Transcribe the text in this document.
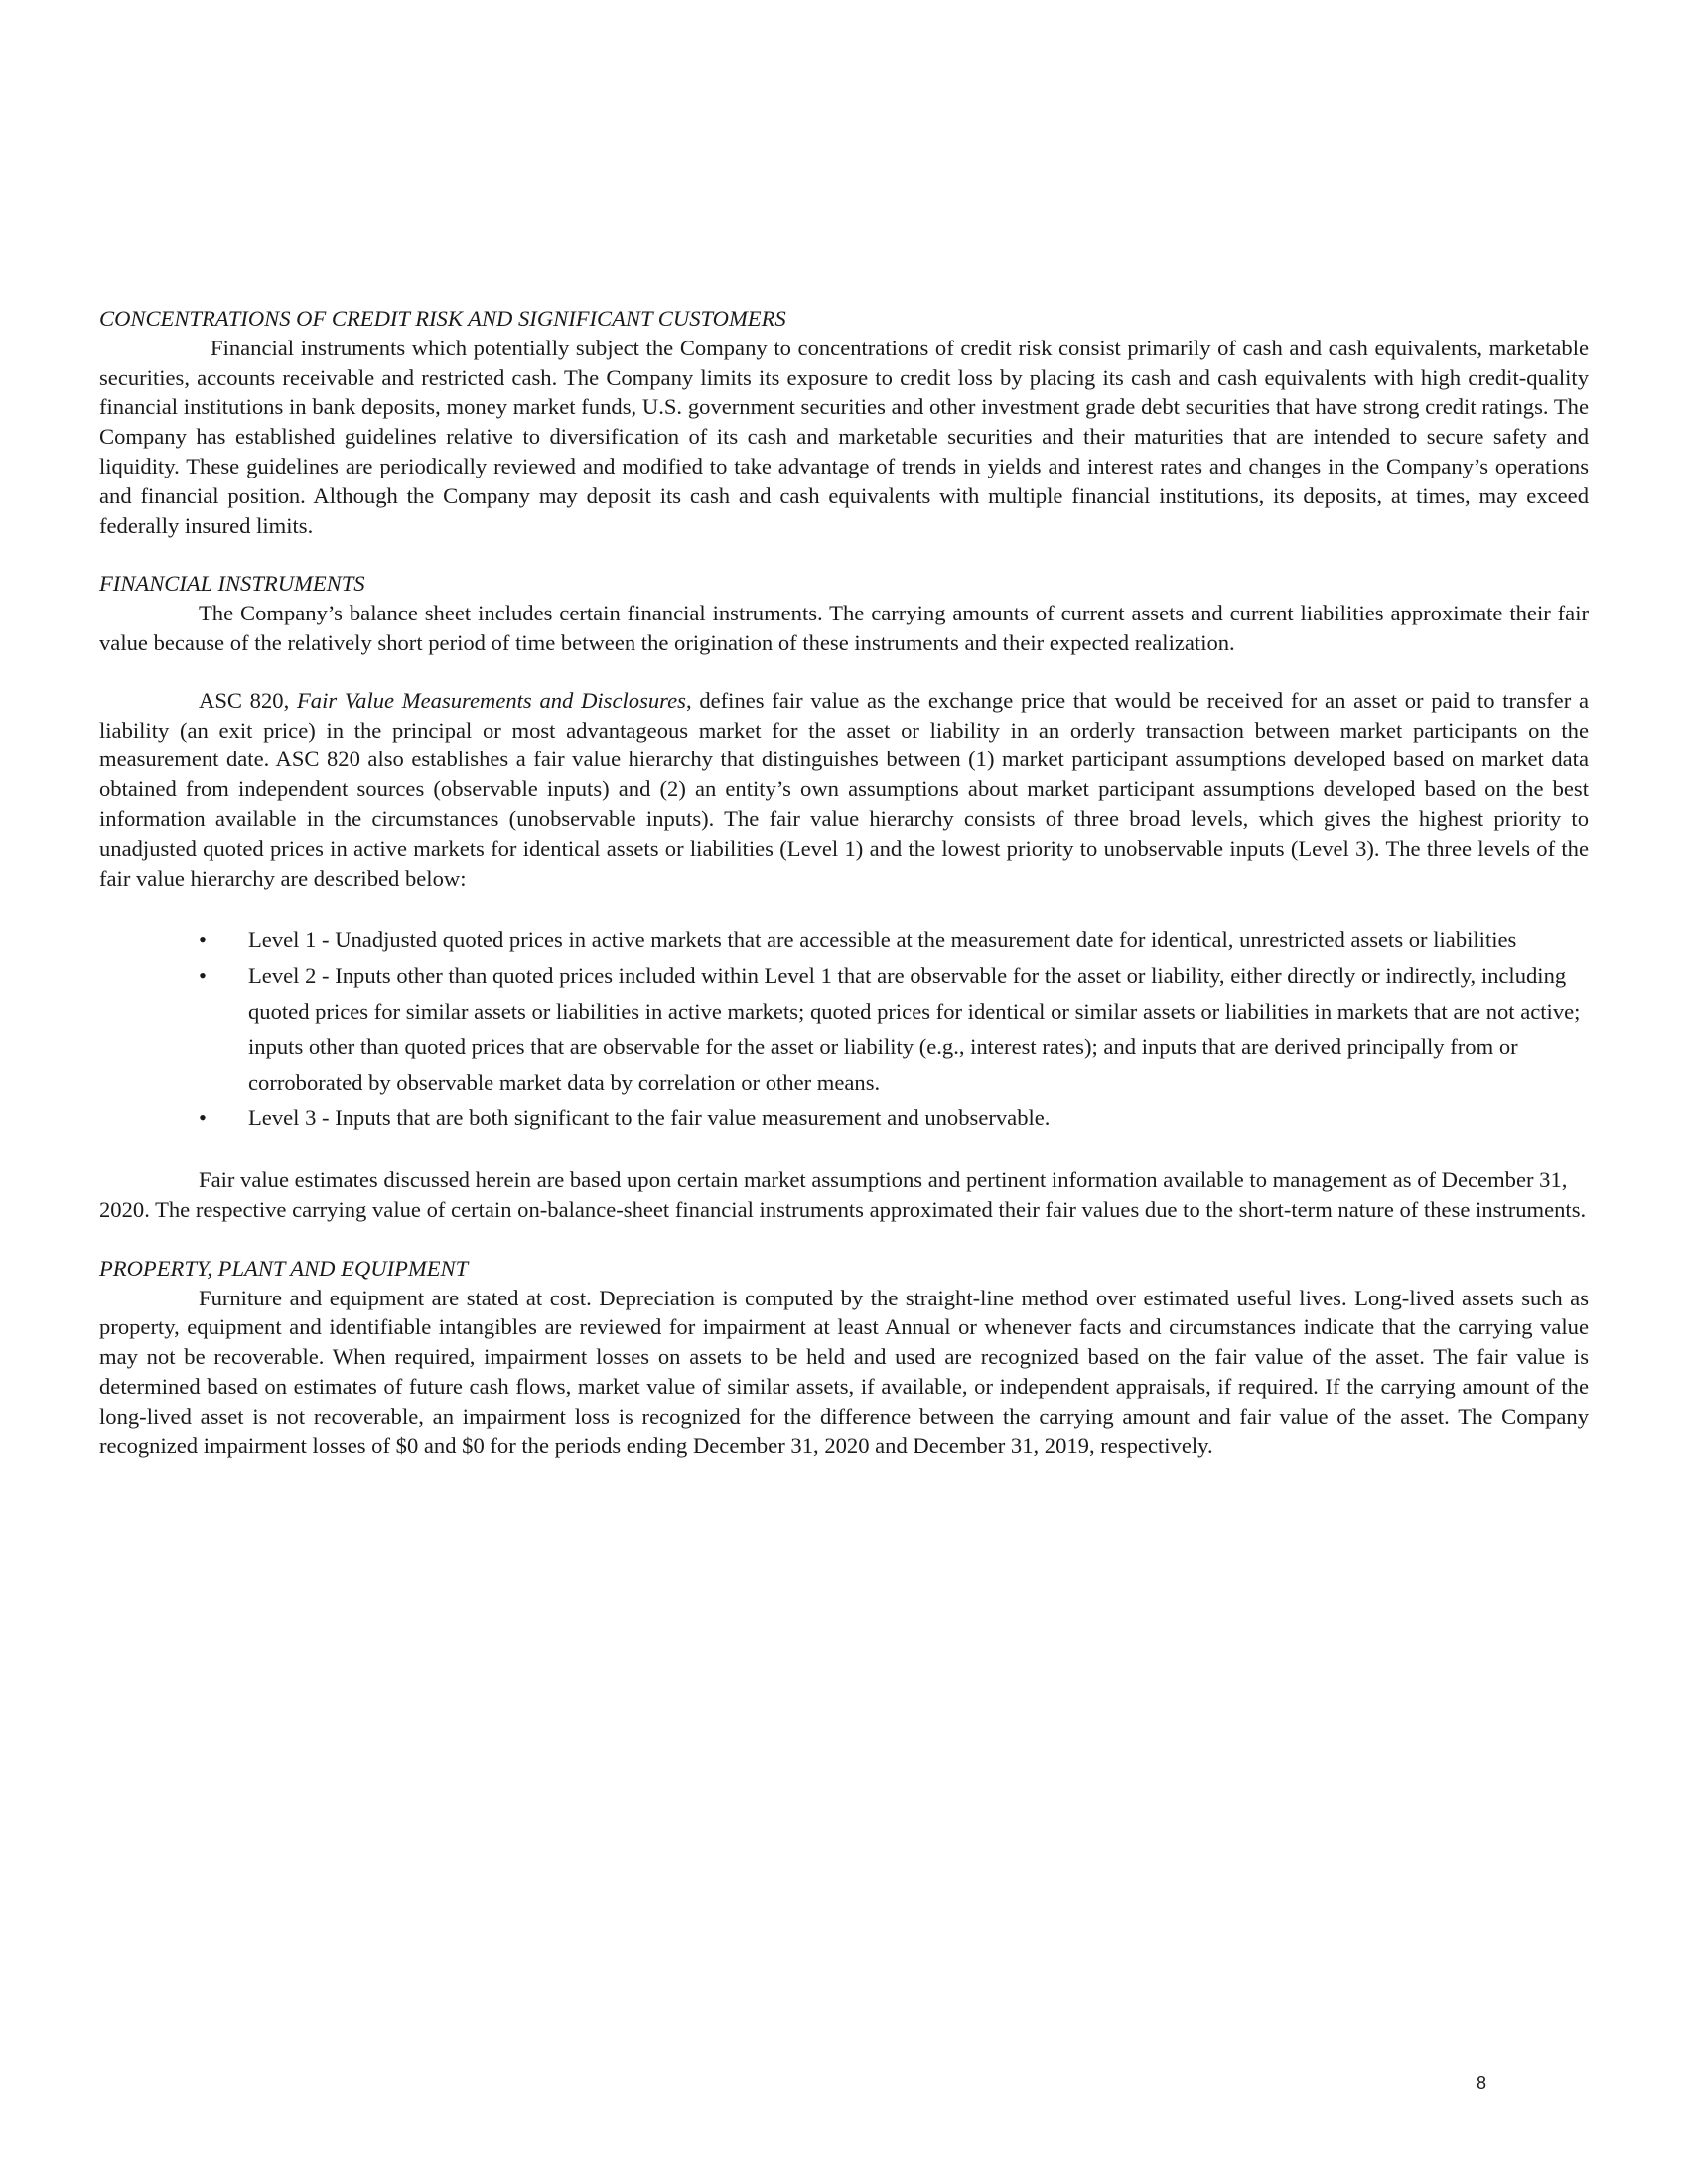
CONCENTRATIONS OF CREDIT RISK AND SIGNIFICANT CUSTOMERS

Financial instruments which potentially subject the Company to concentrations of credit risk consist primarily of cash and cash equivalents, marketable securities, accounts receivable and restricted cash. The Company limits its exposure to credit loss by placing its cash and cash equivalents with high credit-quality financial institutions in bank deposits, money market funds, U.S. government securities and other investment grade debt securities that have strong credit ratings. The Company has established guidelines relative to diversification of its cash and marketable securities and their maturities that are intended to secure safety and liquidity. These guidelines are periodically reviewed and modified to take advantage of trends in yields and interest rates and changes in the Company’s operations and financial position. Although the Company may deposit its cash and cash equivalents with multiple financial institutions, its deposits, at times, may exceed federally insured limits.

FINANCIAL INSTRUMENTS

The Company’s balance sheet includes certain financial instruments. The carrying amounts of current assets and current liabilities approximate their fair value because of the relatively short period of time between the origination of these instruments and their expected realization.

ASC 820, Fair Value Measurements and Disclosures, defines fair value as the exchange price that would be received for an asset or paid to transfer a liability (an exit price) in the principal or most advantageous market for the asset or liability in an orderly transaction between market participants on the measurement date. ASC 820 also establishes a fair value hierarchy that distinguishes between (1) market participant assumptions developed based on market data obtained from independent sources (observable inputs) and (2) an entity’s own assumptions about market participant assumptions developed based on the best information available in the circumstances (unobservable inputs). The fair value hierarchy consists of three broad levels, which gives the highest priority to unadjusted quoted prices in active markets for identical assets or liabilities (Level 1) and the lowest priority to unobservable inputs (Level 3). The three levels of the fair value hierarchy are described below:

• Level 1 - Unadjusted quoted prices in active markets that are accessible at the measurement date for identical, unrestricted assets or liabilities
• Level 2 - Inputs other than quoted prices included within Level 1 that are observable for the asset or liability, either directly or indirectly, including quoted prices for similar assets or liabilities in active markets; quoted prices for identical or similar assets or liabilities in markets that are not active; inputs other than quoted prices that are observable for the asset or liability (e.g., interest rates); and inputs that are derived principally from or corroborated by observable market data by correlation or other means.
• Level 3 - Inputs that are both significant to the fair value measurement and unobservable.

Fair value estimates discussed herein are based upon certain market assumptions and pertinent information available to management as of December 31, 2020. The respective carrying value of certain on-balance-sheet financial instruments approximated their fair values due to the short-term nature of these instruments.

PROPERTY, PLANT AND EQUIPMENT

Furniture and equipment are stated at cost. Depreciation is computed by the straight-line method over estimated useful lives. Long-lived assets such as property, equipment and identifiable intangibles are reviewed for impairment at least Annual or whenever facts and circumstances indicate that the carrying value may not be recoverable. When required, impairment losses on assets to be held and used are recognized based on the fair value of the asset. The fair value is determined based on estimates of future cash flows, market value of similar assets, if available, or independent appraisals, if required. If the carrying amount of the long-lived asset is not recoverable, an impairment loss is recognized for the difference between the carrying amount and fair value of the asset. The Company recognized impairment losses of $0 and $0 for the periods ending December 31, 2020 and December 31, 2019, respectively.

8
